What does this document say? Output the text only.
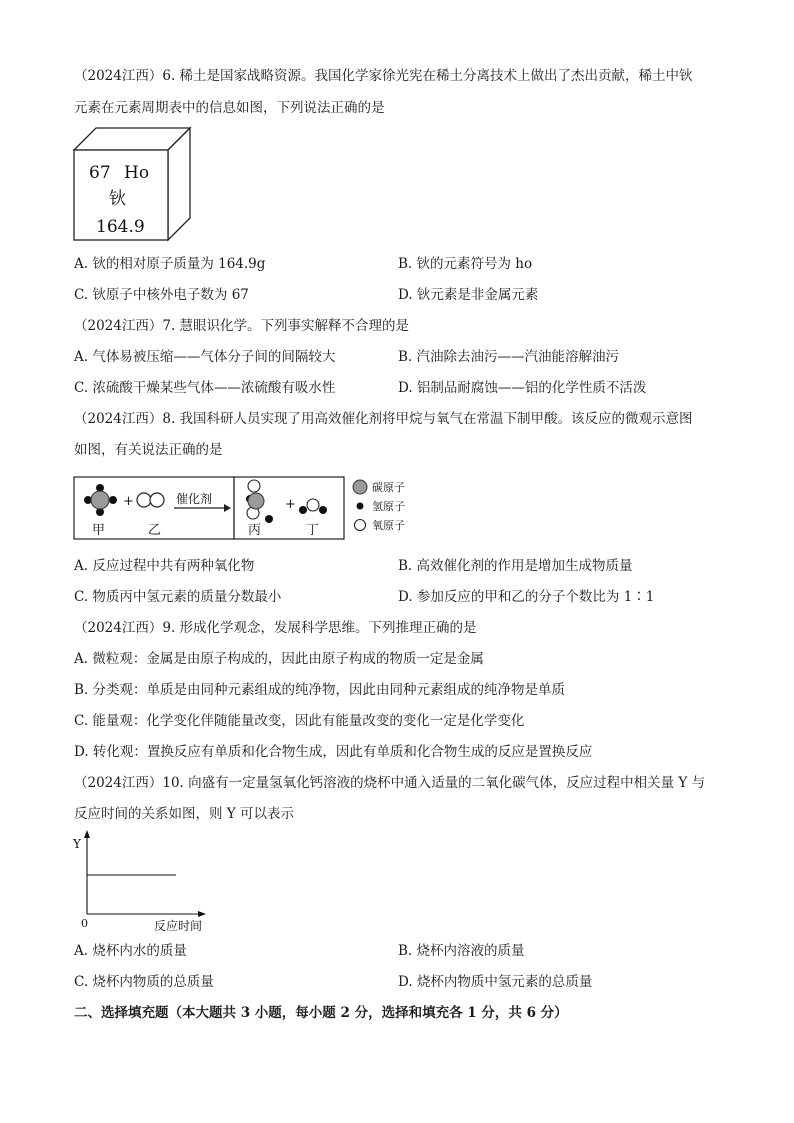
（2024江西）6. 稀土是国家战略资源。我国化学家徐光宪在稀土分离技术上做出了杰出贡献，稀土中钬
元素在元素周期表中的信息如图，下列说法正确的是
67 Ho
钬
164.9
A. 钬的相对原子质量为 164.9g	B. 钬的元素符号为 ho
C. 钬原子中核外电子数为 67	D. 钬元素是非金属元素
（2024江西）7. 慧眼识化学。下列事实解释不合理的是
A. 气体易被压缩——气体分子间的间隔较大	B. 汽油除去油污——汽油能溶解油污
C. 浓硫酸干燥某些气体——浓硫酸有吸水性	D. 铝制品耐腐蚀——铝的化学性质不活泼
（2024江西）8. 我国科研人员实现了用高效催化剂将甲烷与氧气在常温下制甲酸。该反应的微观示意图
如图，有关说法正确的是
+
甲	乙
催化剂	+
丙	丁
碳原子
氢原子
氧原子
A. 反应过程中共有两种氧化物	B. 高效催化剂的作用是增加生成物质量
C. 物质丙中氢元素的质量分数最小	D. 参加反应的甲和乙的分子个数比为 1∶1
（2024江西）9. 形成化学观念，发展科学思维。下列推理正确的是
A. 微粒观：金属是由原子构成的，因此由原子构成的物质一定是金属
B. 分类观：单质是由同种元素组成的纯净物，因此由同种元素组成的纯净物是单质
C. 能量观：化学变化伴随能量改变，因此有能量改变的变化一定是化学变化
D. 转化观：置换反应有单质和化合物生成，因此有单质和化合物生成的反应是置换反应
（2024江西）10. 向盛有一定量氢氧化钙溶液的烧杯中通入适量的二氧化碳气体，反应过程中相关量 Y 与
反应时间的关系如图，则 Y 可以表示
Y
0	反应时间
A. 烧杯内水的质量	B. 烧杯内溶液的质量
C. 烧杯内物质的总质量	D. 烧杯内物质中氢元素的总质量
二、选择填充题（本大题共 3 小题，每小题 2 分，选择和填充各 1 分，共 6 分）
